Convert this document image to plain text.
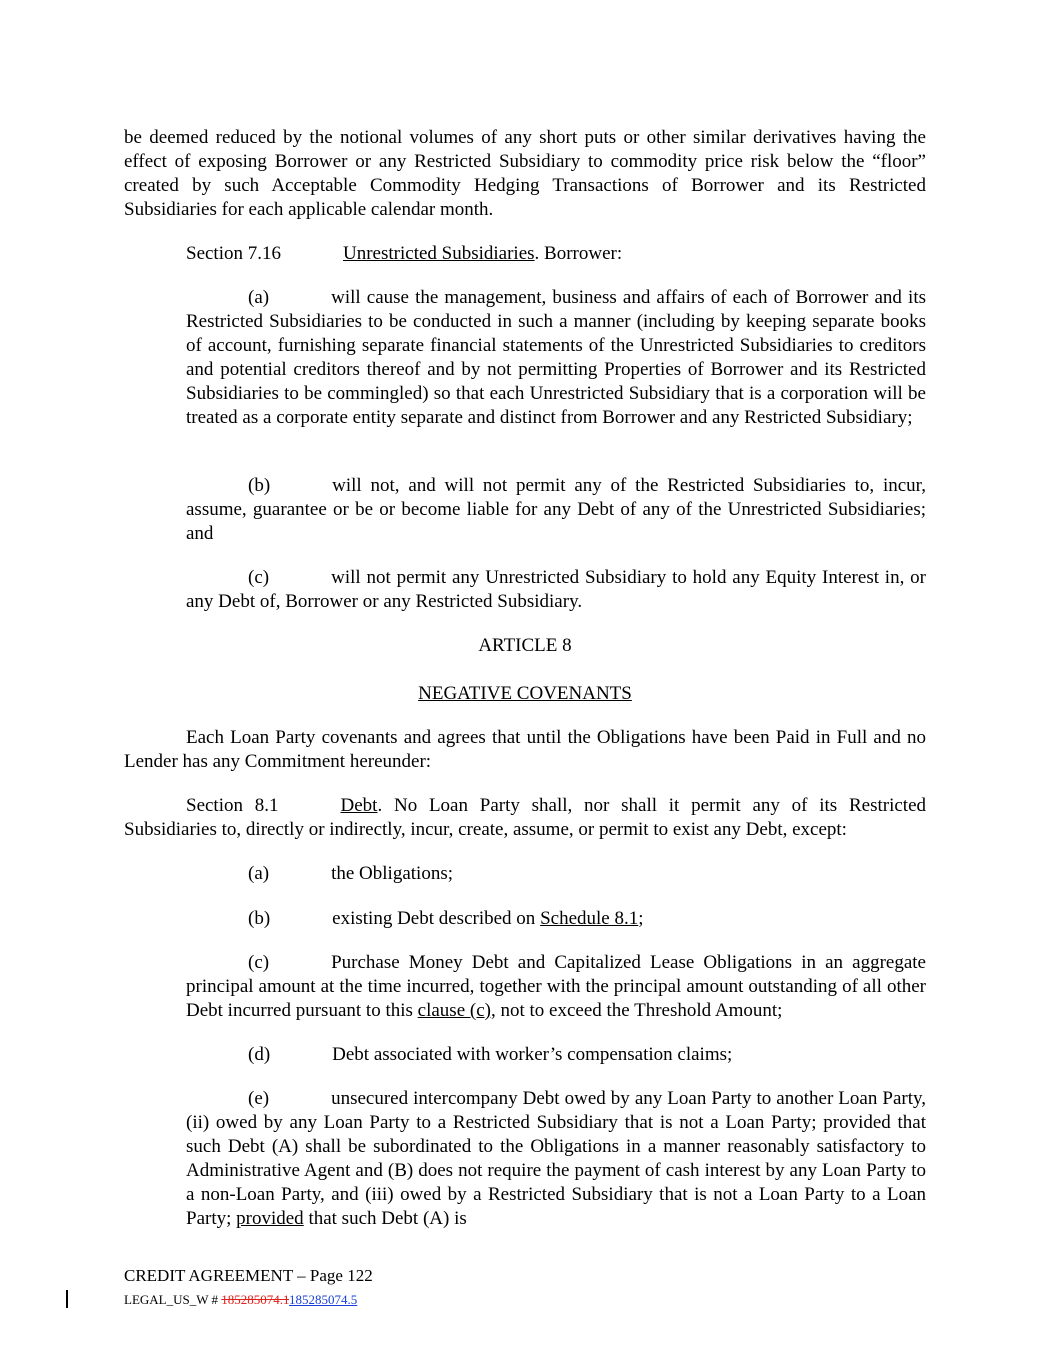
be deemed reduced by the notional volumes of any short puts or other similar derivatives having the effect of exposing Borrower or any Restricted Subsidiary to commodity price risk below the “floor” created by such Acceptable Commodity Hedging Transactions of Borrower and its Restricted Subsidiaries for each applicable calendar month.

Section 7.16	Unrestricted Subsidiaries. Borrower:

(a)	will cause the management, business and affairs of each of Borrower and its Restricted Subsidiaries to be conducted in such a manner (including by keeping separate books of account, furnishing separate financial statements of the Unrestricted Subsidiaries to creditors and potential creditors thereof and by not permitting Properties of Borrower and its Restricted Subsidiaries to be commingled) so that each Unrestricted Subsidiary that is a corporation will be treated as a corporate entity separate and distinct from Borrower and any Restricted Subsidiary;

(b)	will not, and will not permit any of the Restricted Subsidiaries to, incur, assume, guarantee or be or become liable for any Debt of any of the Unrestricted Subsidiaries; and

(c)	will not permit any Unrestricted Subsidiary to hold any Equity Interest in, or any Debt of, Borrower or any Restricted Subsidiary.

ARTICLE 8
NEGATIVE COVENANTS

Each Loan Party covenants and agrees that until the Obligations have been Paid in Full and no Lender has any Commitment hereunder:

Section 8.1	Debt. No Loan Party shall, nor shall it permit any of its Restricted Subsidiaries to, directly or indirectly, incur, create, assume, or permit to exist any Debt, except:

(a)	the Obligations;

(b)	existing Debt described on Schedule 8.1;

(c)	Purchase Money Debt and Capitalized Lease Obligations in an aggregate principal amount at the time incurred, together with the principal amount outstanding of all other Debt incurred pursuant to this clause (c), not to exceed the Threshold Amount;

(d)	Debt associated with worker’s compensation claims;

(e)	unsecured intercompany Debt owed by any Loan Party to another Loan Party, (ii) owed by any Loan Party to a Restricted Subsidiary that is not a Loan Party; provided that such Debt (A) shall be subordinated to the Obligations in a manner reasonably satisfactory to Administrative Agent and (B) does not require the payment of cash interest by any Loan Party to a non-Loan Party, and (iii) owed by a Restricted Subsidiary that is not a Loan Party to a Loan Party; provided that such Debt (A) is

CREDIT AGREEMENT – Page 122
LEGAL_US_W # 185285074.1185285074.5
